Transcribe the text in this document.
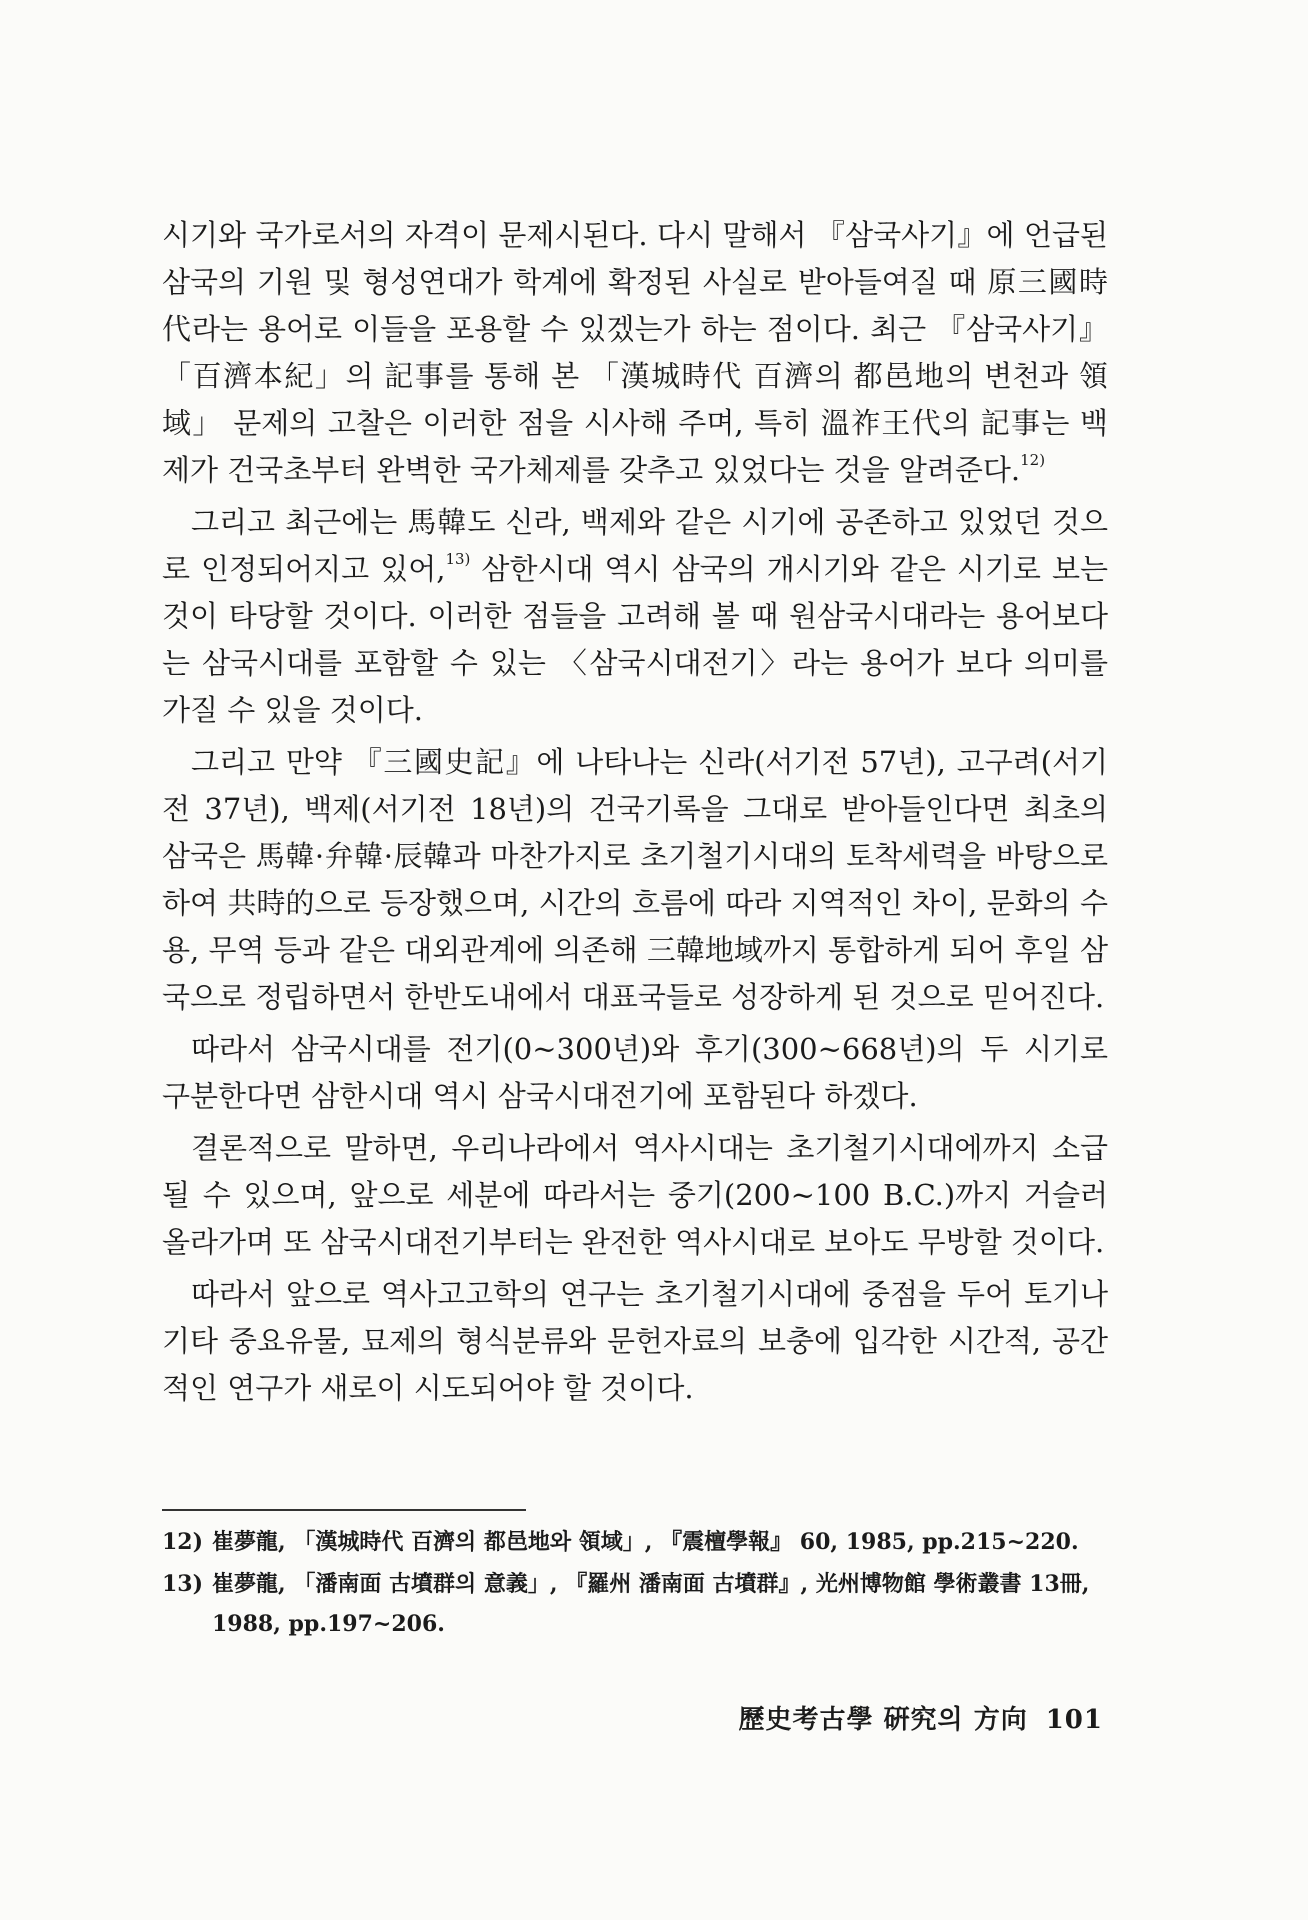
시기와 국가로서의 자격이 문제시된다. 다시 말해서 『삼국사기』에 언급된 삼국의 기원 및 형성연대가 학계에 확정된 사실로 받아들여질 때 原三國時代라는 용어로 이들을 포용할 수 있겠는가 하는 점이다. 최근 『삼국사기』「百濟本紀」의 記事를 통해 본 「漢城時代 百濟의 都邑地의 변천과 領域」 문제의 고찰은 이러한 점을 시사해 주며, 특히 溫祚王代의 記事는 백제가 건국초부터 완벽한 국가체제를 갖추고 있었다는 것을 알려준다.$^{12)}$

그리고 최근에는 馬韓도 신라, 백제와 같은 시기에 공존하고 있었던 것으로 인정되어지고 있어,$^{13)}$ 삼한시대 역시 삼국의 개시기와 같은 시기로 보는 것이 타당할 것이다. 이러한 점들을 고려해 볼 때 원삼국시대라는 용어보다는 삼국시대를 포함할 수 있는 〈삼국시대전기〉라는 용어가 보다 의미를 가질 수 있을 것이다.

그리고 만약 『三國史記』에 나타나는 신라(서기전 57년), 고구려(서기전 37년), 백제(서기전 18년)의 건국기록을 그대로 받아들인다면 최초의 삼국은 馬韓·弁韓·辰韓과 마찬가지로 초기철기시대의 토착세력을 바탕으로 하여 共時的으로 등장했으며, 시간의 흐름에 따라 지역적인 차이, 문화의 수용, 무역 등과 같은 대외관계에 의존해 三韓地域까지 통합하게 되어 후일 삼국으로 정립하면서 한반도내에서 대표국들로 성장하게 된 것으로 믿어진다.

따라서 삼국시대를 전기(0~300년)와 후기(300~668년)의 두 시기로 구분한다면 삼한시대 역시 삼국시대전기에 포함된다 하겠다.

결론적으로 말하면, 우리나라에서 역사시대는 초기철기시대에까지 소급될 수 있으며, 앞으로 세분에 따라서는 중기(200~100 B.C.)까지 거슬러 올라가며 또 삼국시대전기부터는 완전한 역사시대로 보아도 무방할 것이다.

따라서 앞으로 역사고고학의 연구는 초기철기시대에 중점을 두어 토기나 기타 중요유물, 묘제의 형식분류와 문헌자료의 보충에 입각한 시간적, 공간적인 연구가 새로이 시도되어야 할 것이다.

12) 崔夢龍, 「漢城時代 百濟의 都邑地와 領域」, 『震檀學報』 60, 1985, pp.215~220.
13) 崔夢龍, 「潘南面 古墳群의 意義」, 『羅州 潘南面 古墳群』, 光州博物館 學術叢書 13冊, 1988, pp.197~206.
歷史考古學 硏究의 方向 101
